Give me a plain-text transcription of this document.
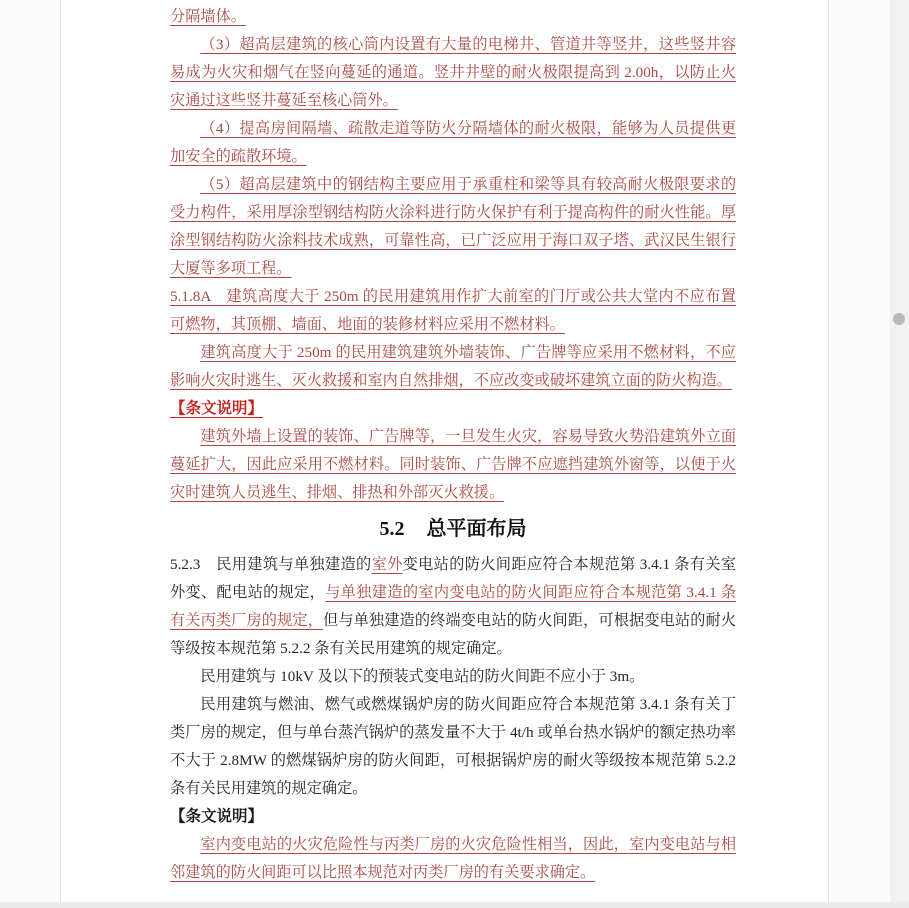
分隔墙体。

（3）超高层建筑的核心筒内设置有大量的电梯井、管道井等竖井，这些竖井容易成为火灾和烟气在竖向蔓延的通道。竖井井壁的耐火极限提高到 2.00h，以防止火灾通过这些竖井蔓延至核心筒外。

（4）提高房间隔墙、疏散走道等防火分隔墙体的耐火极限，能够为人员提供更加安全的疏散环境。

（5）超高层建筑中的钢结构主要应用于承重柱和梁等具有较高耐火极限要求的受力构件，采用厚涂型钢结构防火涂料进行防火保护有利于提高构件的耐火性能。厚涂型钢结构防火涂料技术成熟，可靠性高，已广泛应用于海口双子塔、武汉民生银行大厦等多项工程。

5.1.8A　建筑高度大于 250m 的民用建筑用作扩大前室的门厅或公共大堂内不应布置可燃物，其顶棚、墙面、地面的装修材料应采用不燃材料。

建筑高度大于 250m 的民用建筑建筑外墙装饰、广告牌等应采用不燃材料，不应影响火灾时逃生、灭火救援和室内自然排烟，不应改变或破坏建筑立面的防火构造。

【条文说明】

建筑外墙上设置的装饰、广告牌等，一旦发生火灾，容易导致火势沿建筑外立面蔓延扩大，因此应采用不燃材料。同时装饰、广告牌不应遮挡建筑外窗等，以便于火灾时建筑人员逃生、排烟、排热和外部灭火救援。

5.2 总平面布局

5.2.3　民用建筑与单独建造的室外变电站的防火间距应符合本规范第 3.4.1 条有关室外变、配电站的规定，与单独建造的室内变电站的防火间距应符合本规范第 3.4.1 条有关丙类厂房的规定，但与单独建造的终端变电站的防火间距，可根据变电站的耐火等级按本规范第 5.2.2 条有关民用建筑的规定确定。

民用建筑与 10kV 及以下的预装式变电站的防火间距不应小于 3m。

民用建筑与燃油、燃气或燃煤锅炉房的防火间距应符合本规范第 3.4.1 条有关丁类厂房的规定，但与单台蒸汽锅炉的蒸发量不大于 4t/h 或单台热水锅炉的额定热功率不大于 2.8MW 的燃煤锅炉房的防火间距，可根据锅炉房的耐火等级按本规范第 5.2.2 条有关民用建筑的规定确定。

【条文说明】

室内变电站的火灾危险性与丙类厂房的火灾危险性相当，因此，室内变电站与相邻建筑的防火间距可以比照本规范对丙类厂房的有关要求确定。
